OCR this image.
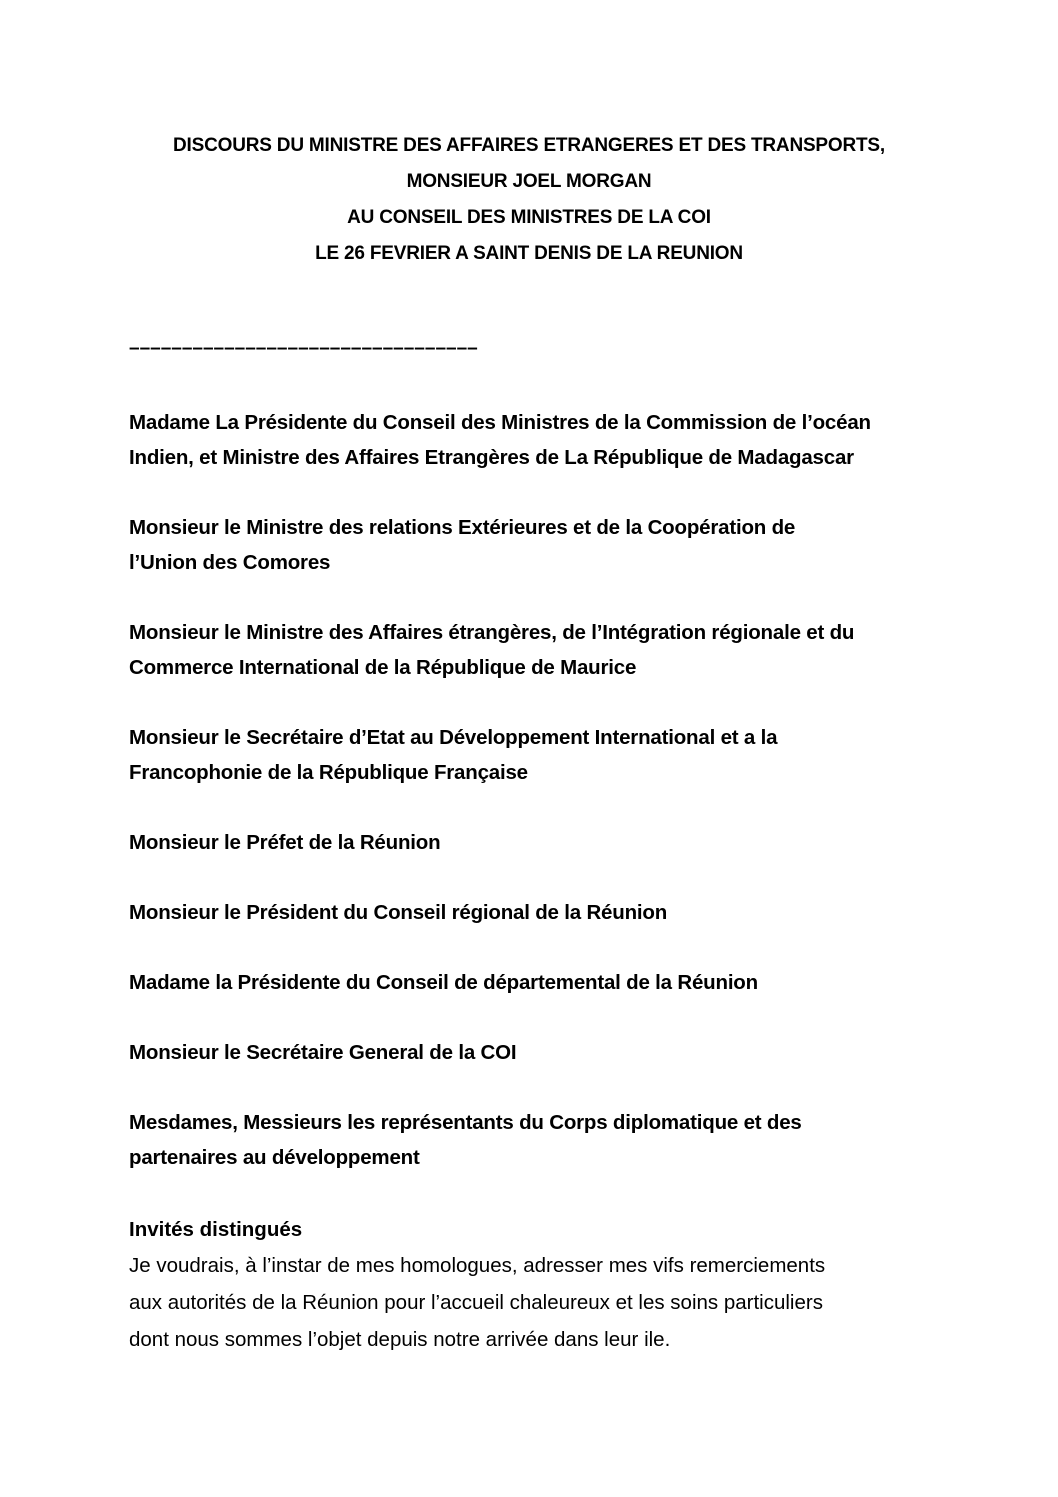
DISCOURS DU MINISTRE DES AFFAIRES ETRANGERES ET DES TRANSPORTS,
MONSIEUR JOEL MORGAN
AU CONSEIL DES MINISTRES DE LA COI
LE 26 FEVRIER A SAINT DENIS DE LA REUNION
–––––––––––––––––––––––––––––––––
Madame La Présidente du Conseil des Ministres de la Commission de l’océan
Indien, et Ministre des Affaires Etrangères de La République de Madagascar
Monsieur le Ministre des relations Extérieures et de la Coopération de
l’Union des Comores
Monsieur le Ministre des Affaires étrangères, de l’Intégration régionale et du
Commerce International de la République de Maurice
Monsieur le Secrétaire d’Etat au Développement International et a la
Francophonie de la République Française
Monsieur le Préfet de la Réunion
Monsieur le Président du Conseil régional de la Réunion
Madame la Présidente du Conseil de départemental de la Réunion
Monsieur le Secrétaire General de la COI
Mesdames, Messieurs les représentants du Corps diplomatique et des
partenaires au développement
Invités distingués
Je voudrais, à l’instar de mes homologues, adresser mes vifs remerciements
aux autorités de la Réunion pour l’accueil chaleureux et les soins particuliers
dont nous sommes l’objet depuis notre arrivée dans leur ile.
